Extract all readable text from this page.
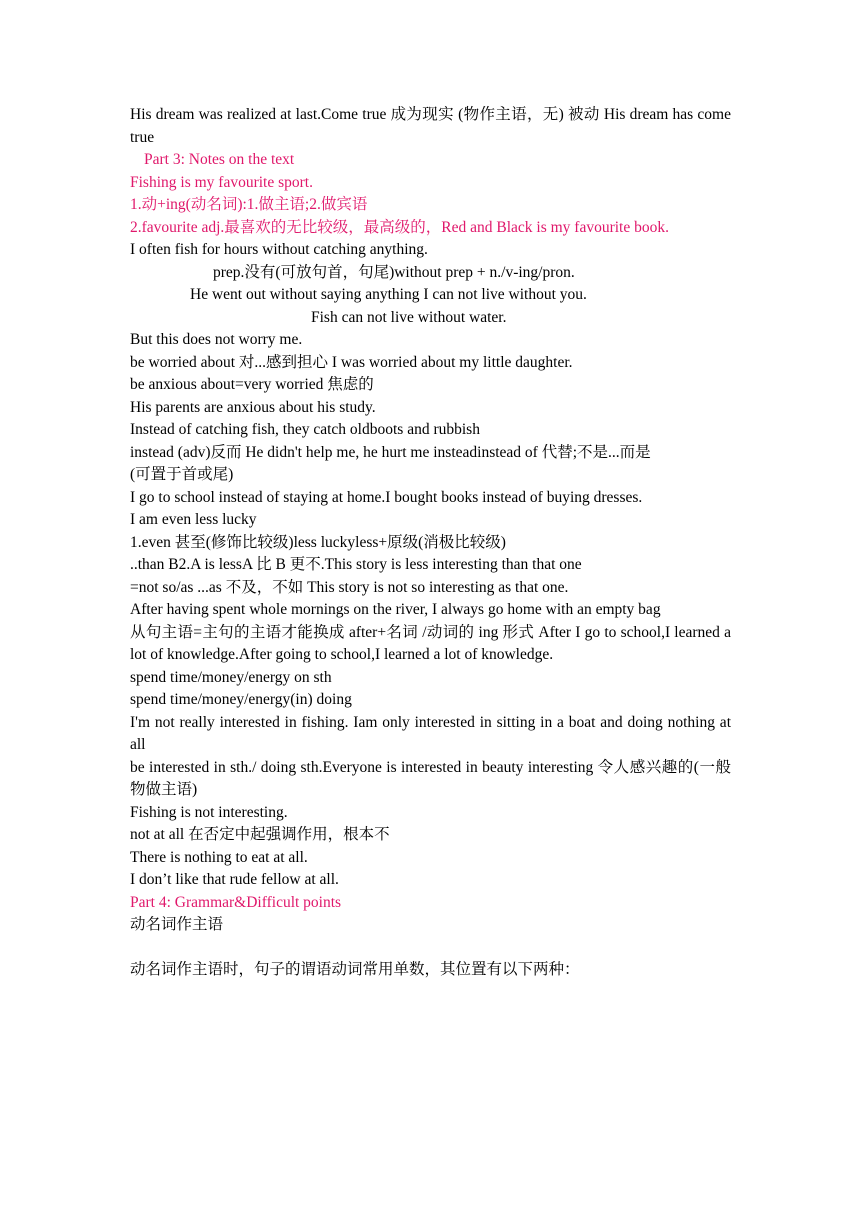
His dream was realized at last.Come true 成为现实 (物作主语，无) 被动 His dream has come true

Part 3: Notes on the text

Fishing is my favourite sport.

1.动+ing(动名词):1.做主语;2.做宾语

2.favourite adj.最喜欢的无比较级，最高级的，Red and Black is my favourite book.

I often fish for hours without catching anything.

prep.没有(可放句首，句尾)without prep + n./v-ing/pron.

He went out without saying anything I can not live without you.

Fish can not live without water.

But this does not worry me.

be worried about 对...感到担心 I was worried about my little daughter.

be anxious about=very worried 焦虑的

His parents are anxious about his study.

Instead of catching fish, they catch oldboots and rubbish

instead (adv)反而 He didn't help me, he hurt me insteadinstead of 代替;不是...而是

(可置于首或尾)

I go to school instead of staying at home.I bought books instead of buying dresses.

I am even less lucky

1.even 甚至(修饰比较级)less luckyless+原级(消极比较级)

..than B2.A is lessA 比 B 更不.This story is less interesting than that one

=not so/as ...as 不及，不如 This story is not so interesting as that one.

After having spent whole mornings on the river, I always go home with an empty bag

从句主语=主句的主语才能换成 after+名词 /动词的 ing 形式 After I go to school,I learned a lot of knowledge.After going to school,I learned a lot of knowledge.

spend time/money/energy on sth

spend time/money/energy(in) doing

I'm not really interested in fishing. Iam only interested in sitting in a boat and doing nothing at all

be interested in sth./ doing sth.Everyone is interested in beauty interesting 令人感兴趣的(一般物做主语)

Fishing is not interesting.

not at all 在否定中起强调作用，根本不

There is nothing to eat at all.

I don’t like that rude fellow at all.

Part 4: Grammar&Difficult points

动名词作主语

动名词作主语时，句子的谓语动词常用单数，其位置有以下两种：
